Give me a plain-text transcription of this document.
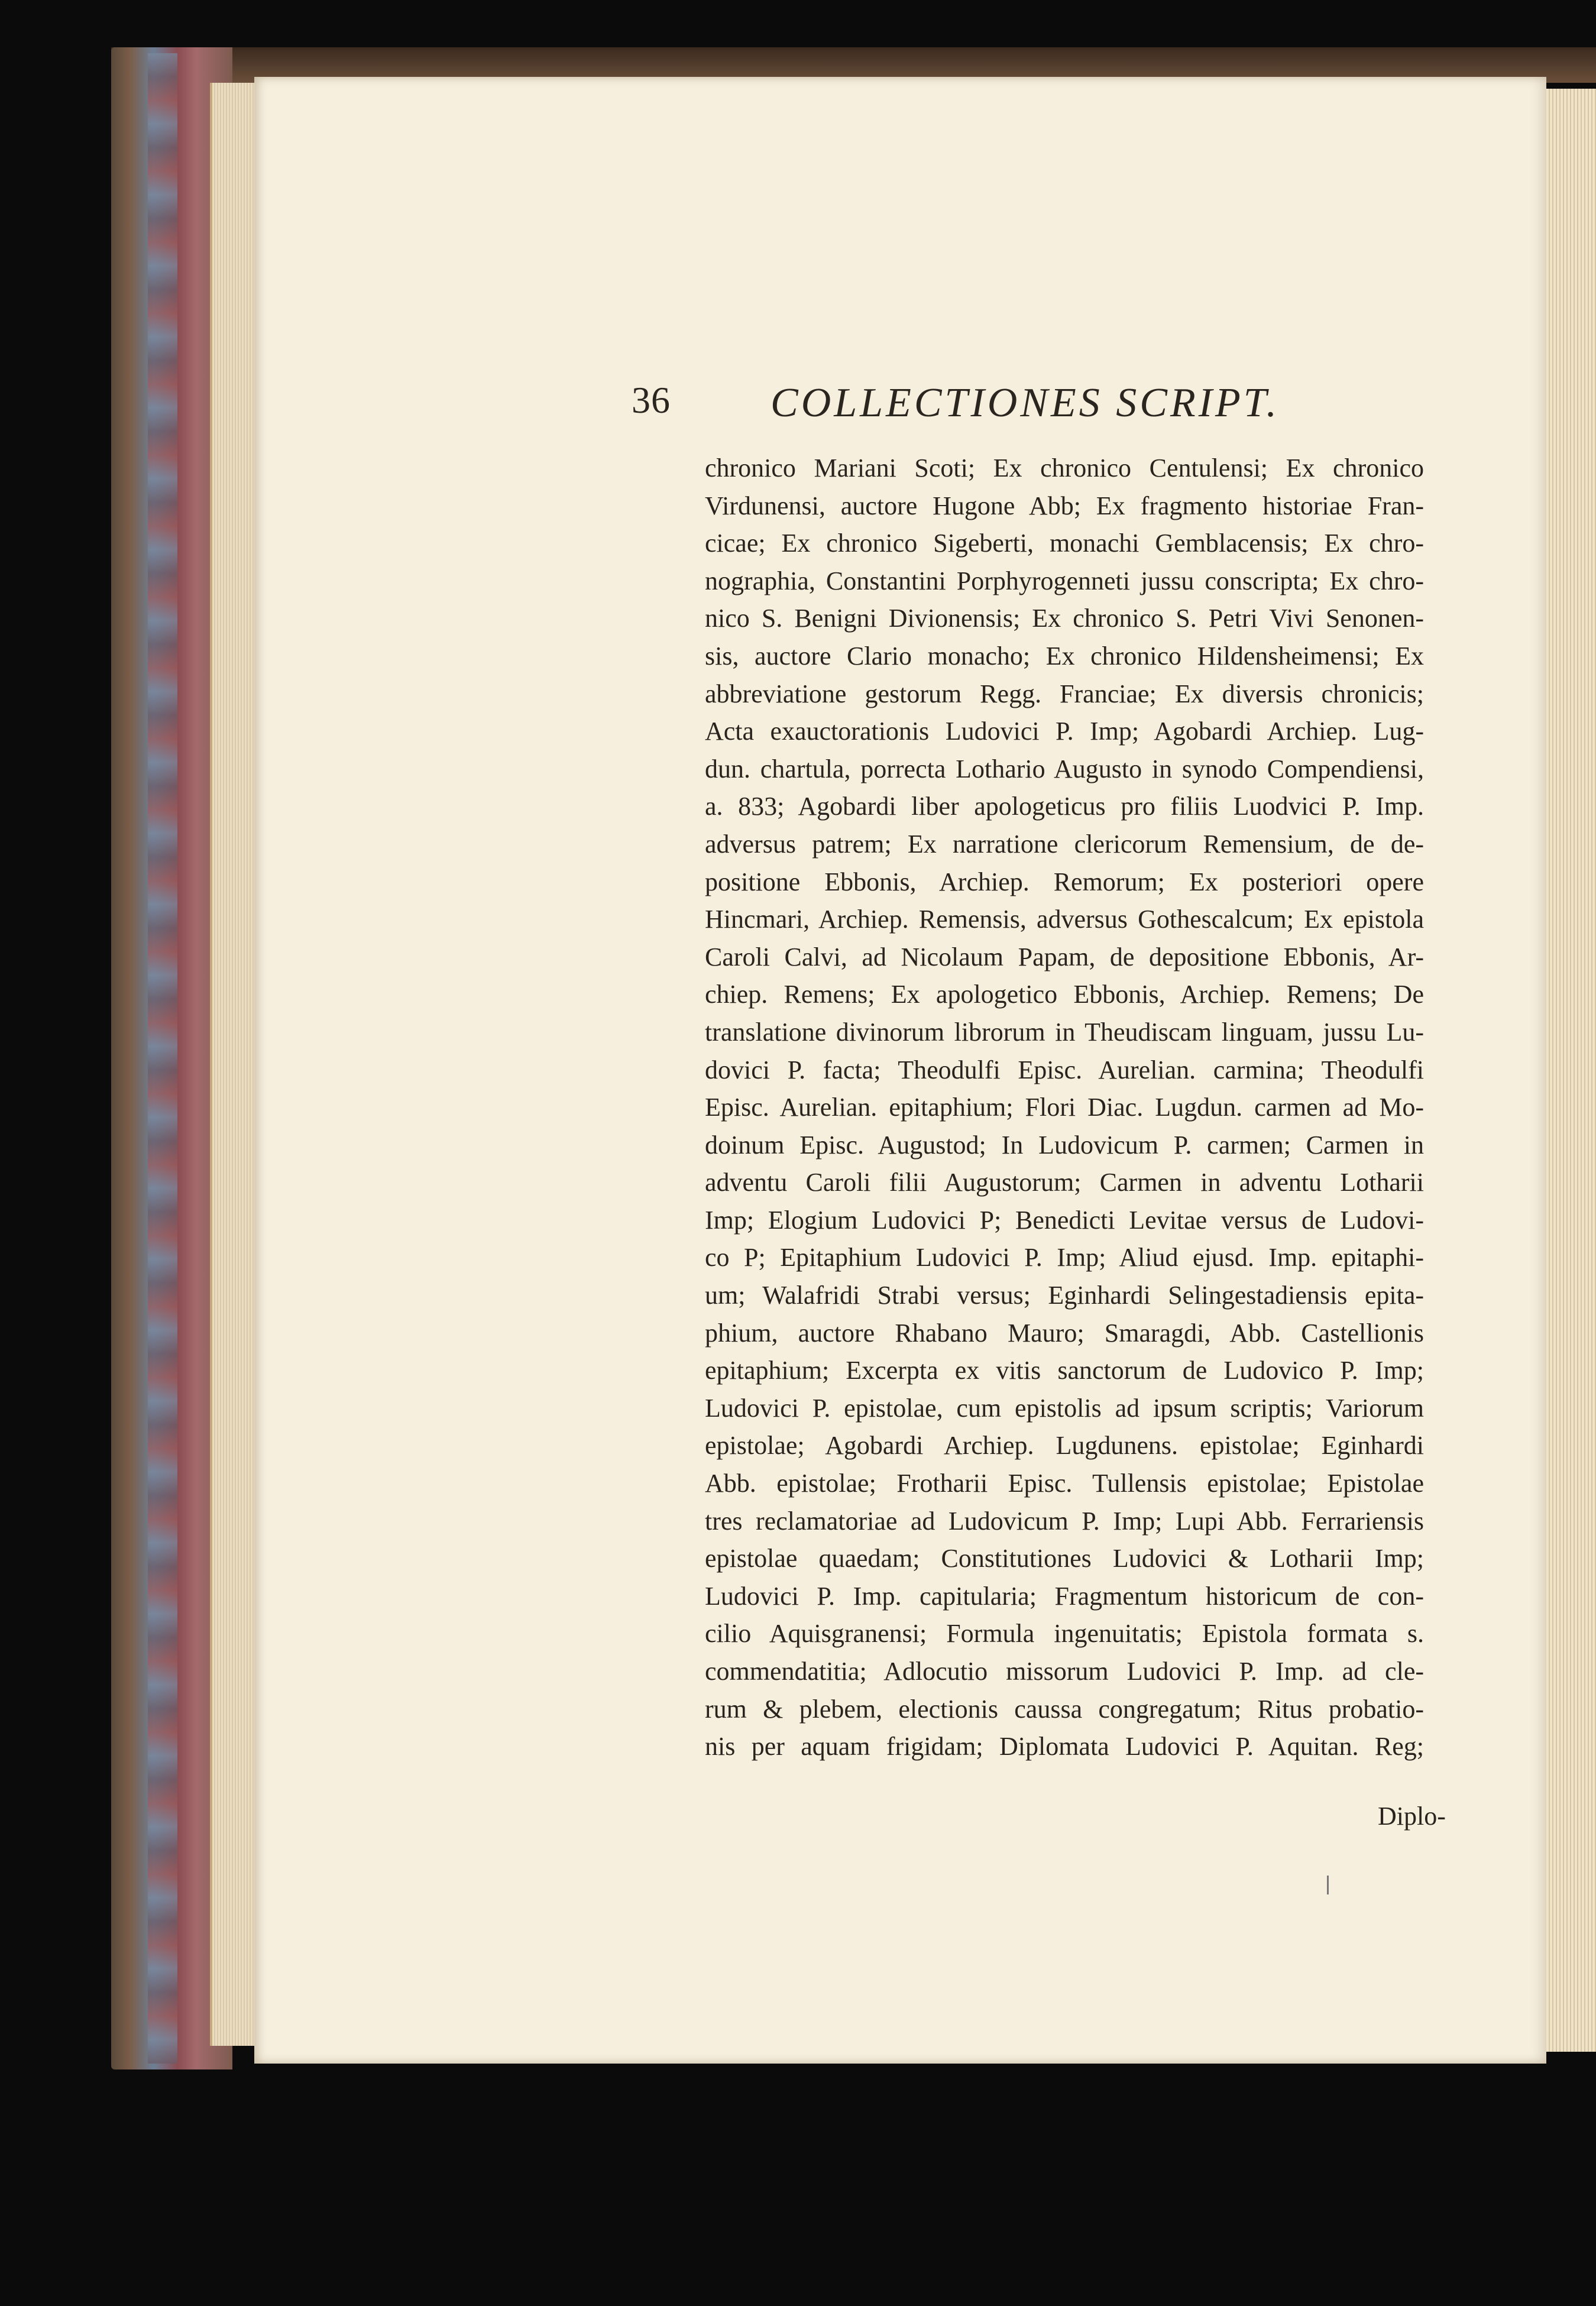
36 COLLECTIONES SCRIPT.
chronico Mariani Scoti; Ex chronico Centulensi; Ex chronico
Virdunensi, auctore Hugone Abb; Ex fragmento historiae Fran-
cicae; Ex chronico Sigeberti, monachi Gemblacensis; Ex chro-
nographia, Constantini Porphyrogenneti jussu conscripta; Ex chro-
nico S. Benigni Divionensis; Ex chronico S. Petri Vivi Senonen-
sis, auctore Clario monacho; Ex chronico Hildensheimensi; Ex
abbreviatione gestorum Regg. Franciae; Ex diversis chronicis;
Acta exauctorationis Ludovici P. Imp; Agobardi Archiep. Lug-
dun. chartula, porrecta Lothario Augusto in synodo Compendiensi,
a. 833; Agobardi liber apologeticus pro filiis Luodvici P. Imp.
adversus patrem; Ex narratione clericorum Remensium, de de-
positione Ebbonis, Archiep. Remorum; Ex posteriori opere
Hincmari, Archiep. Remensis, adversus Gothescalcum; Ex epistola
Caroli Calvi, ad Nicolaum Papam, de depositione Ebbonis, Ar-
chiep. Remens; Ex apologetico Ebbonis, Archiep. Remens; De
translatione divinorum librorum in Theudiscam linguam, jussu Lu-
dovici P. facta; Theodulfi Episc. Aurelian. carmina; Theodulfi
Episc. Aurelian. epitaphium; Flori Diac. Lugdun. carmen ad Mo-
doinum Episc. Augustod; In Ludovicum P. carmen; Carmen in
adventu Caroli filii Augustorum; Carmen in adventu Lotharii
Imp; Elogium Ludovici P; Benedicti Levitae versus de Ludovi-
co P; Epitaphium Ludovici P. Imp; Aliud ejusd. Imp. epitaphi-
um; Walafridi Strabi versus; Eginhardi Selingestadiensis epita-
phium, auctore Rhabano Mauro; Smaragdi, Abb. Castellionis
epitaphium; Excerpta ex vitis sanctorum de Ludovico P. Imp;
Ludovici P. epistolae, cum epistolis ad ipsum scriptis; Variorum
epistolae; Agobardi Archiep. Lugdunens. epistolae; Eginhardi
Abb. epistolae; Frotharii Episc. Tullensis epistolae; Epistolae
tres reclamatoriae ad Ludovicum P. Imp; Lupi Abb. Ferrariensis
epistolae quaedam; Constitutiones Ludovici & Lotharii Imp;
Ludovici P. Imp. capitularia; Fragmentum historicum de con-
cilio Aquisgranensi; Formula ingenuitatis; Epistola formata s.
commendatitia; Adlocutio missorum Ludovici P. Imp. ad cle-
rum & plebem, electionis caussa congregatum; Ritus probatio-
nis per aquam frigidam; Diplomata Ludovici P. Aquitan. Reg;
Diplo-
